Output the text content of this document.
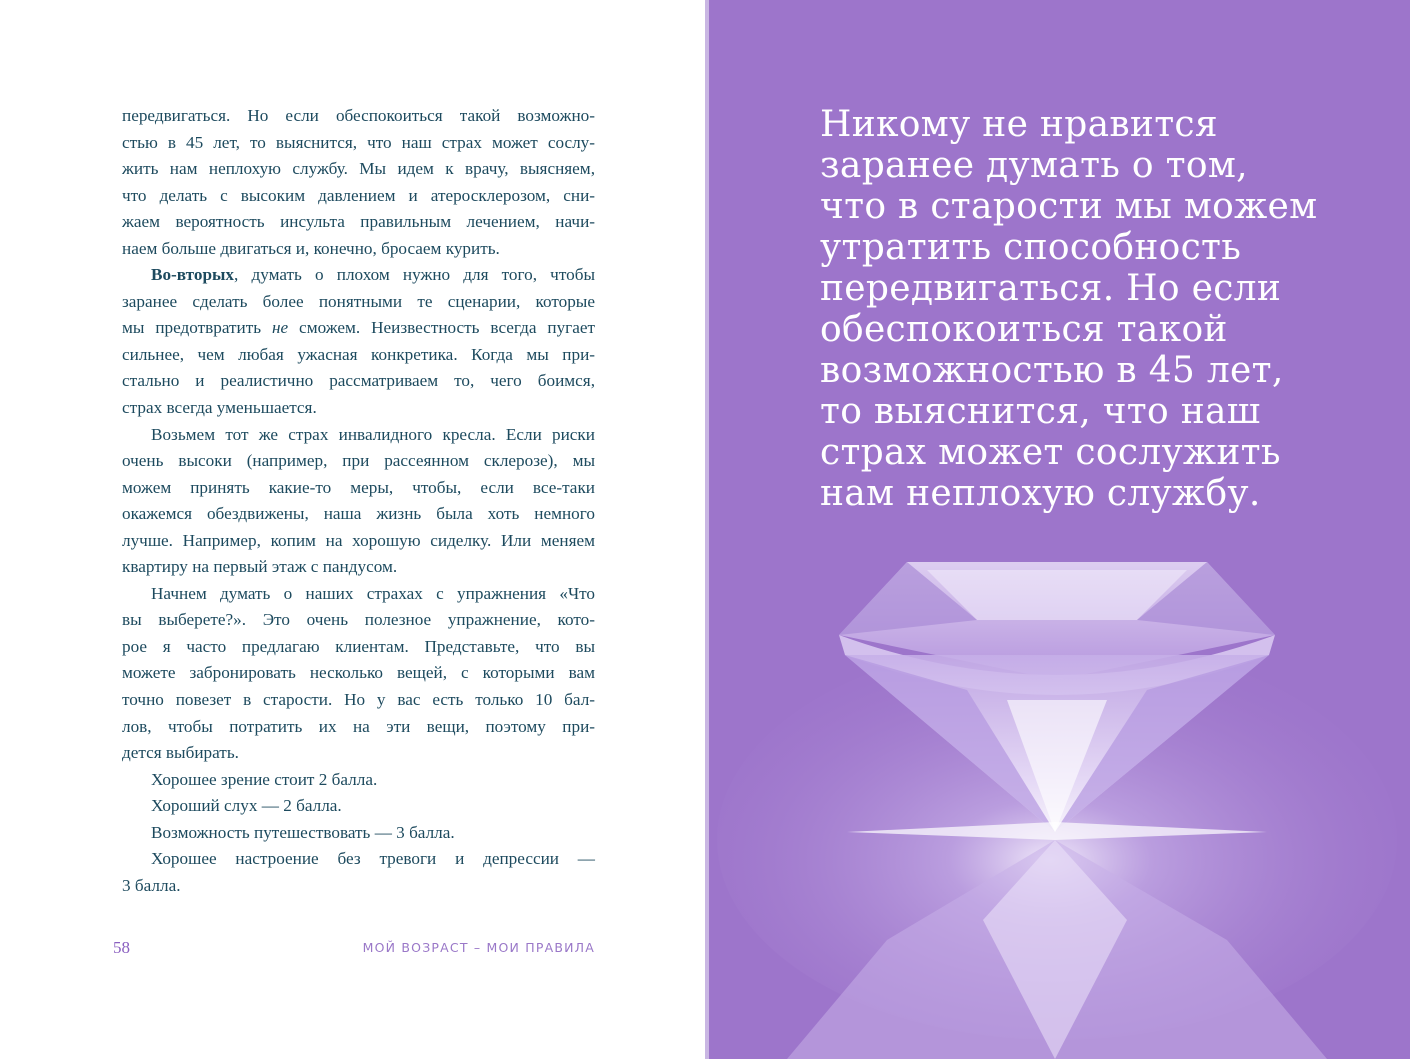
передвигаться. Но если обеспокоиться такой возможно-
стью в 45 лет, то выяснится, что наш страх может сослу-
жить нам неплохую службу. Мы идем к врачу, выясняем,
что делать с высоким давлением и атеросклерозом, сни-
жаем вероятность инсульта правильным лечением, начи-
наем больше двигаться и, конечно, бросаем курить.
Во-вторых, думать о плохом нужно для того, чтобы
заранее сделать более понятными те сценарии, которые
мы предотвратить не сможем. Неизвестность всегда пугает
сильнее, чем любая ужасная конкретика. Когда мы при-
стально и реалистично рассматриваем то, чего боимся,
страх всегда уменьшается.
Возьмем тот же страх инвалидного кресла. Если риски
очень высоки (например, при рассеянном склерозе), мы
можем принять какие-то меры, чтобы, если все-таки
окажемся обездвижены, наша жизнь была хоть немного
лучше. Например, копим на хорошую сиделку. Или меняем
квартиру на первый этаж с пандусом.
Начнем думать о наших страхах с упражнения «Что
вы выберете?». Это очень полезное упражнение, кото-
рое я часто предлагаю клиентам. Представьте, что вы
можете забронировать несколько вещей, с которыми вам
точно повезет в старости. Но у вас есть только 10 бал-
лов, чтобы потратить их на эти вещи, поэтому при-
дется выбирать.
Хорошее зрение стоит 2 балла.
Хороший слух — 2 балла.
Возможность путешествовать — 3 балла.
Хорошее настроение без тревоги и депрессии —
3 балла.
58	МОЙ ВОЗРАСТ – МОИ ПРАВИЛА
Никому не нравится
заранее думать о том,
что в старости мы можем
утратить способность
передвигаться. Но если
обеспокоиться такой
возможностью в 45 лет,
то выяснится, что наш
страх может сослужить
нам неплохую службу.
